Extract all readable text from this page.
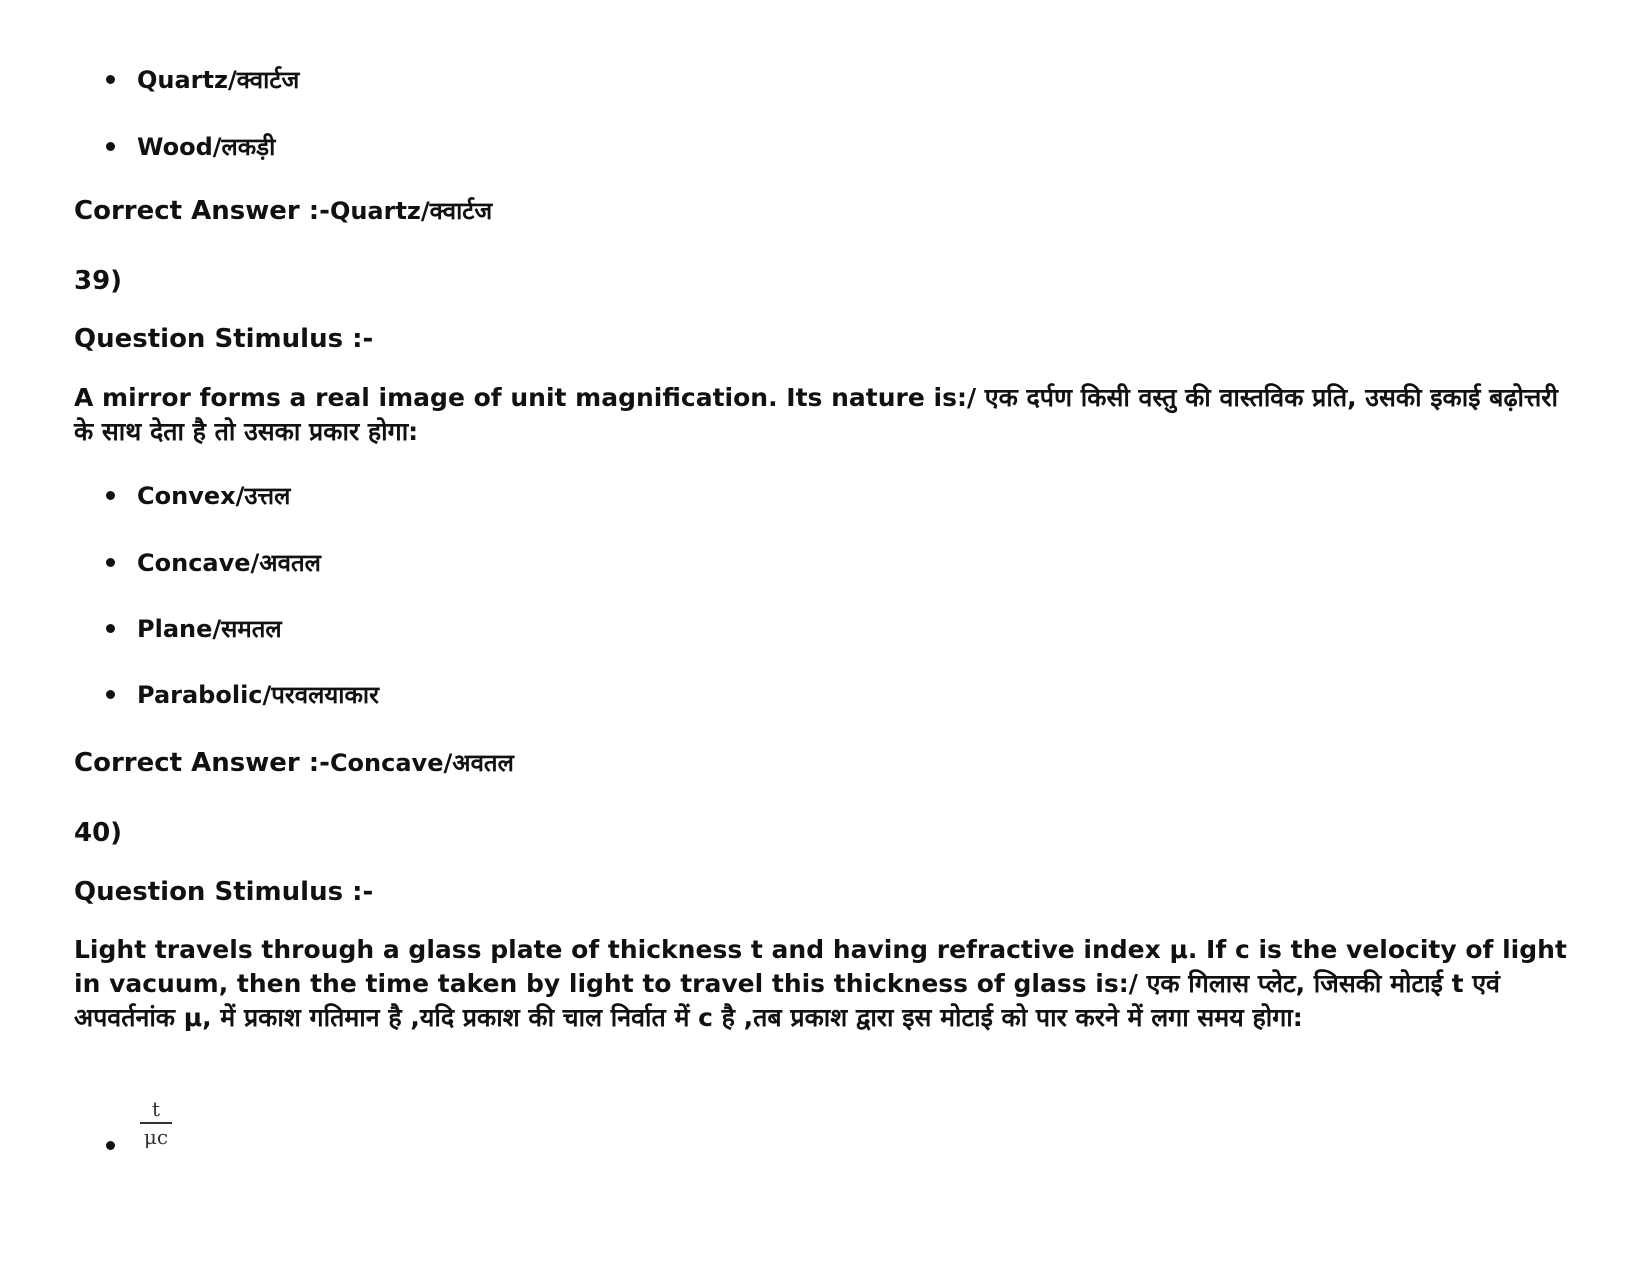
Quartz/क्वार्टज
Wood/लकड़ी
Correct Answer :-Quartz/क्वार्टज
39)
Question Stimulus :-
A mirror forms a real image of unit magnification. Its nature is:/ एक दर्पण किसी वस्तु की वास्तविक प्रति, उसकी इकाई बढ़ोत्तरी के साथ देता है तो उसका प्रकार होगा:
Convex/उत्तल
Concave/अवतल
Plane/समतल
Parabolic/परवलयाकार
Correct Answer :-Concave/अवतल
40)
Question Stimulus :-
Light travels through a glass plate of thickness t and having refractive index μ. If c is the velocity of light in vacuum, then the time taken by light to travel this thickness of glass is:/ एक गिलास प्लेट, जिसकी मोटाई t एवं अपवर्तनांक μ, में प्रकाश गतिमान है ,यदि प्रकाश की चाल निर्वात में c है ,तब प्रकाश द्वारा इस मोटाई को पार करने में लगा समय होगा:
t
μc
